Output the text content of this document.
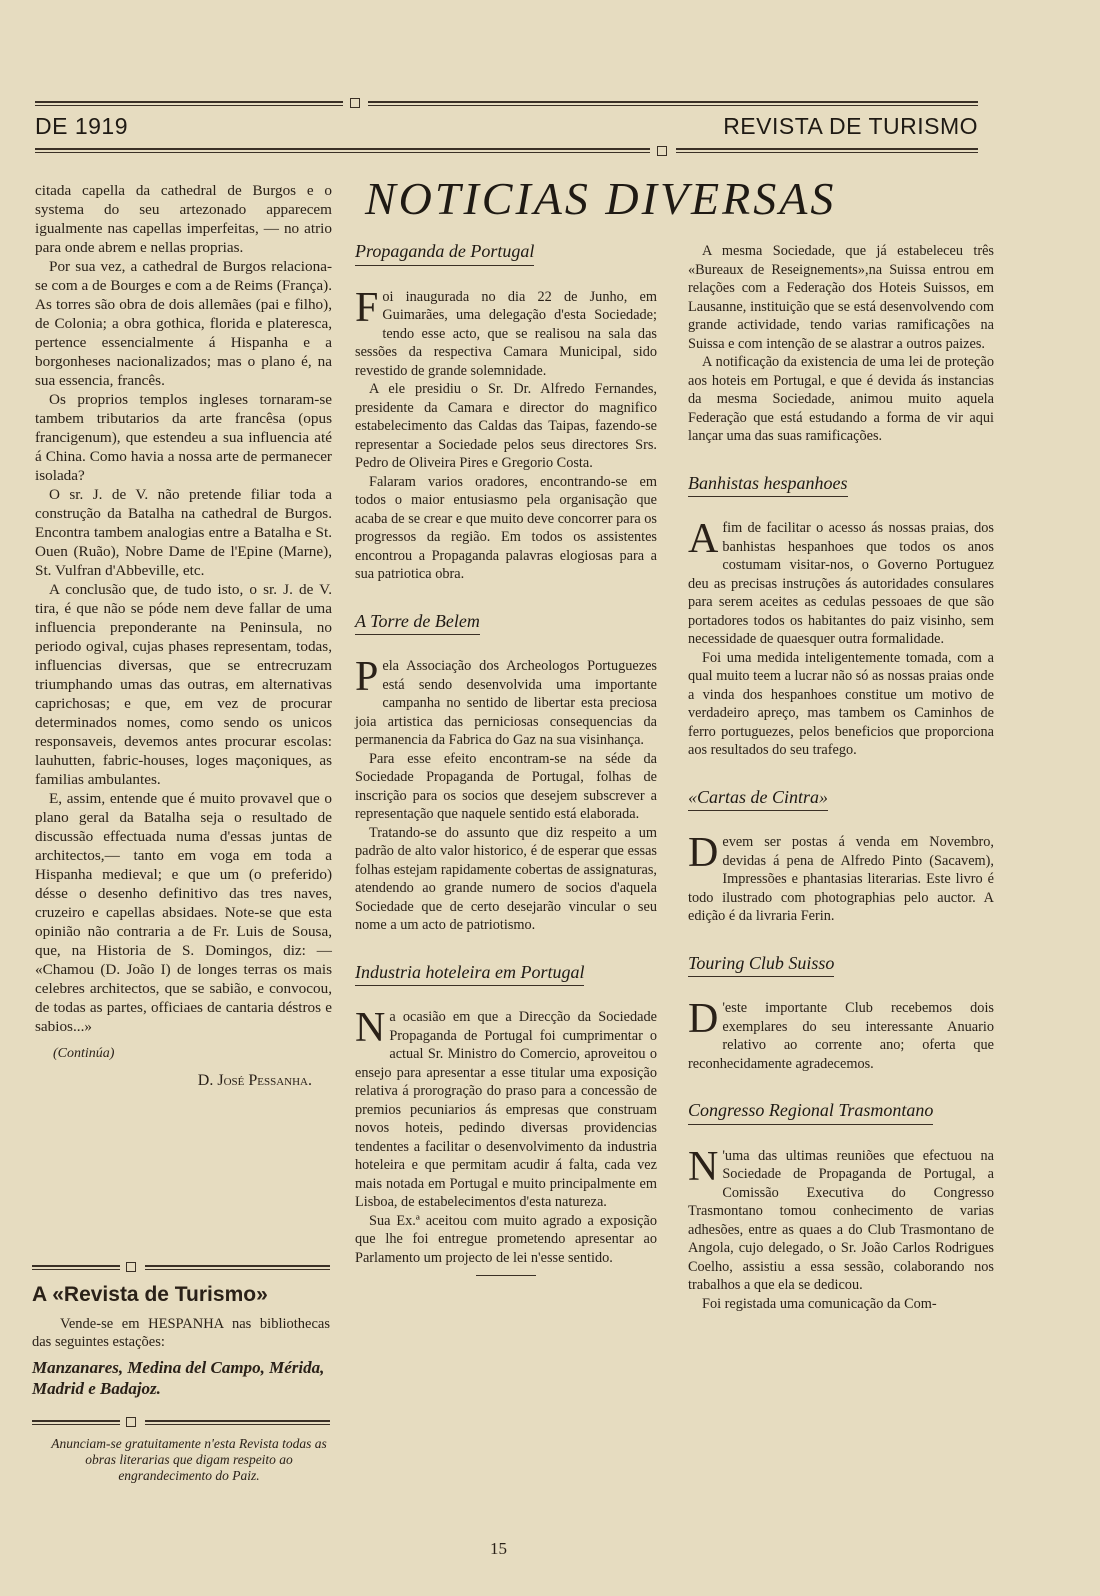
DE 1919	REVISTA DE TURISMO
NOTICIAS DIVERSAS

citada capella da cathedral de Burgos e o systema do seu artezonado apparecem igualmente nas capellas imperfeitas, — no atrio para onde abrem e nellas proprias.

Por sua vez, a cathedral de Burgos relaciona-se com a de Bourges e com a de Reims (França). As torres são obra de dois allemães (pai e filho), de Colonia; a obra gothica, florida e plateresca, pertence essencialmente á Hispanha e a borgonheses nacionalizados; mas o plano é, na sua essencia, francês.

Os proprios templos ingleses tornaram-se tambem tributarios da arte francêsa (opus francigenum), que estendeu a sua influencia até á China. Como havia a nossa arte de permanecer isolada?

O sr. J. de V. não pretende filiar toda a construção da Batalha na cathedral de Burgos. Encontra tambem analogias entre a Batalha e St. Ouen (Ruão), Nobre Dame de l'Epine (Marne), St. Vulfran d'Abbeville, etc.

A conclusão que, de tudo isto, o sr. J. de V. tira, é que não se póde nem deve fallar de uma influencia preponderante na Peninsula, no periodo ogival, cujas phases representam, todas, influencias diversas, que se entrecruzam triumphando umas das outras, em alternativas caprichosas; e que, em vez de procurar determinados nomes, como sendo os unicos responsaveis, devemos antes procurar escolas: lauhutten, fabric-houses, loges maçoniques, as familias ambulantes.

E, assim, entende que é muito provavel que o plano geral da Batalha seja o resultado de discussão effectuada numa d'essas juntas de architectos,— tanto em voga em toda a Hispanha medieval; e que um (o preferido) désse o desenho definitivo das tres naves, cruzeiro e capellas absidaes. Note-se que esta opinião não contraria a de Fr. Luis de Sousa, que, na Historia de S. Domingos, diz: — «Chamou (D. João I) de longes terras os mais celebres architectos, que se sabião, e convocou, de todas as partes, officiaes de cantaria déstros e sabios...»

(Continúa)
D. José Pessanha.
A «Revista de Turismo»
Vende-se em HESPANHA nas bibliothecas das seguintes estações:
Manzanares, Medina del Campo, Mérida, Madrid e Badajoz.
Anunciam-se gratuitamente n'esta Revista todas as obras literarias que digam respeito ao engrandecimento do Paiz.
Propaganda de Portugal
F oi inaugurada no dia 22 de Junho, em Guimarães, uma delegação d'esta Sociedade; tendo esse acto, que se realisou na sala das sessões da respectiva Camara Municipal, sido revestido de grande solemnidade.

A ele presidiu o Sr. Dr. Alfredo Fernandes, presidente da Camara e director do magnifico estabelecimento das Caldas das Taipas, fazendo-se representar a Sociedade pelos seus directores Srs. Pedro de Oliveira Pires e Gregorio Costa.

Falaram varios oradores, encontrando-se em todos o maior entusiasmo pela organisação que acaba de se crear e que muito deve concorrer para os progressos da região. Em todos os assistentes encontrou a Propaganda palavras elogiosas para a sua patriotica obra.

A Torre de Belem
P ela Associação dos Archeologos Portuguezes está sendo desenvolvida uma importante campanha no sentido de libertar esta preciosa joia artistica das perniciosas consequencias da permanencia da Fabrica do Gaz na sua visinhança.

Para esse efeito encontram-se na séde da Sociedade Propaganda de Portugal, folhas de inscrição para os socios que desejem subscrever a representação que naquele sentido está elaborada.

Tratando-se do assunto que diz respeito a um padrão de alto valor historico, é de esperar que essas folhas estejam rapidamente cobertas de assignaturas, atendendo ao grande numero de socios d'aquela Sociedade que de certo desejarão vincular o seu nome a um acto de patriotismo.

Industria hoteleira em Portugal
N a ocasião em que a Direcção da Sociedade Propaganda de Portugal foi cumprimentar o actual Sr. Ministro do Comercio, aproveitou o ensejo para apresentar a esse titular uma exposição relativa á prorogração do praso para a concessão de premios pecuniarios ás empresas que construam novos hoteis, pedindo diversas providencias tendentes a facilitar o desenvolvimento da industria hoteleira e que permitam acudir á falta, cada vez mais notada em Portugal e muito principalmente em Lisboa, de estabelecimentos d'esta natureza.

Sua Ex.ª aceitou com muito agrado a exposição que lhe foi entregue prometendo apresentar ao Parlamento um projecto de lei n'esse sentido.

A mesma Sociedade, que já estabeleceu três «Bureaux de Reseignements»,na Suissa entrou em relações com a Federação dos Hoteis Suissos, em Lausanne, instituição que se está desenvolvendo com grande actividade, tendo varias ramificações na Suissa e com intenção de se alastrar a outros paizes.

A notificação da existencia de uma lei de proteção aos hoteis em Portugal, e que é devida ás instancias da mesma Sociedade, animou muito aquela Federação que está estudando a forma de vir aqui lançar uma das suas ramificações.

Banhistas hespanhoes
A fim de facilitar o acesso ás nossas praias, dos banhistas hespanhoes que todos os anos costumam visitar-nos, o Governo Portuguez deu as precisas instruções ás autoridades consulares para serem aceites as cedulas pessoaes de que são portadores todos os habitantes do paiz visinho, sem necessidade de quaesquer outra formalidade.

Foi uma medida inteligentemente tomada, com a qual muito teem a lucrar não só as nossas praias onde a vinda dos hespanhoes constitue um motivo de verdadeiro apreço, mas tambem os Caminhos de ferro portuguezes, pelos beneficios que proporciona aos resultados do seu trafego.

«Cartas de Cintra»
D evem ser postas á venda em Novembro, devidas á pena de Alfredo Pinto (Sacavem), Impressões e phantasias literarias. Este livro é todo ilustrado com photographias pelo auctor. A edição é da livraria Ferin.

Touring Club Suisso
D 'este importante Club recebemos dois exemplares do seu interessante Anuario relativo ao corrente ano; oferta que reconhecidamente agradecemos.

Congresso Regional Trasmontano
N 'uma das ultimas reuniões que efectuou na Sociedade de Propaganda de Portugal, a Comissão Executiva do Congresso Trasmontano tomou conhecimento de varias adhesões, entre as quaes a do Club Trasmontano de Angola, cujo delegado, o Sr. João Carlos Rodrigues Coelho, assistiu a essa sessão, colaborando nos trabalhos a que ela se dedicou.

Foi registada uma comunicação da Com-

15
